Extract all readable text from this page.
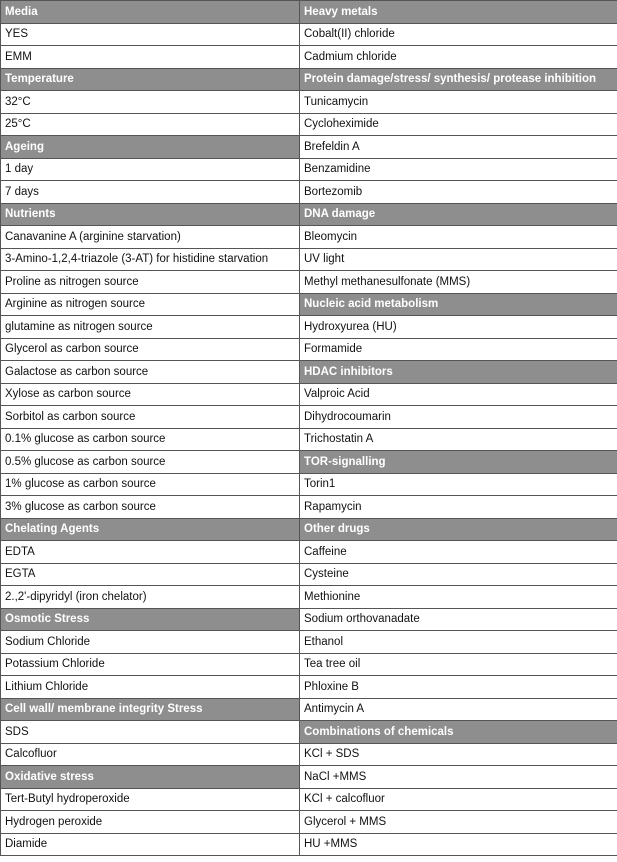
Media	Heavy metals
YES	Cobalt(II) chloride
EMM	Cadmium chloride
Temperature	Protein damage/stress/ synthesis/ protease inhibition
32°C	Tunicamycin
25°C	Cycloheximide
Ageing	Brefeldin A
1 day	Benzamidine
7 days	Bortezomib
Nutrients	DNA damage
Canavanine A (arginine starvation)	Bleomycin
3-Amino-1,2,4-triazole (3-AT) for histidine starvation	UV light
Proline as nitrogen source	Methyl methanesulfonate (MMS)
Arginine as nitrogen source	Nucleic acid metabolism
glutamine as nitrogen source	Hydroxyurea (HU)
Glycerol as carbon source	Formamide
Galactose as carbon source	HDAC inhibitors
Xylose as carbon source	Valproic Acid
Sorbitol as carbon source	Dihydrocoumarin
0.1% glucose as carbon source	Trichostatin A
0.5% glucose as carbon source	TOR-signalling
1% glucose as carbon source	Torin1
3% glucose as carbon source	Rapamycin
Chelating Agents	Other drugs
EDTA	Caffeine
EGTA	Cysteine
2.,2'-dipyridyl (iron chelator)	Methionine
Osmotic Stress	Sodium orthovanadate
Sodium Chloride	Ethanol
Potassium Chloride	Tea tree oil
Lithium Chloride	Phloxine B
Cell wall/ membrane integrity Stress	Antimycin A
SDS	Combinations of chemicals
Calcofluor	KCl + SDS
Oxidative stress	NaCl +MMS
Tert-Butyl hydroperoxide	KCl + calcofluor
Hydrogen peroxide	Glycerol + MMS
Diamide	HU +MMS
